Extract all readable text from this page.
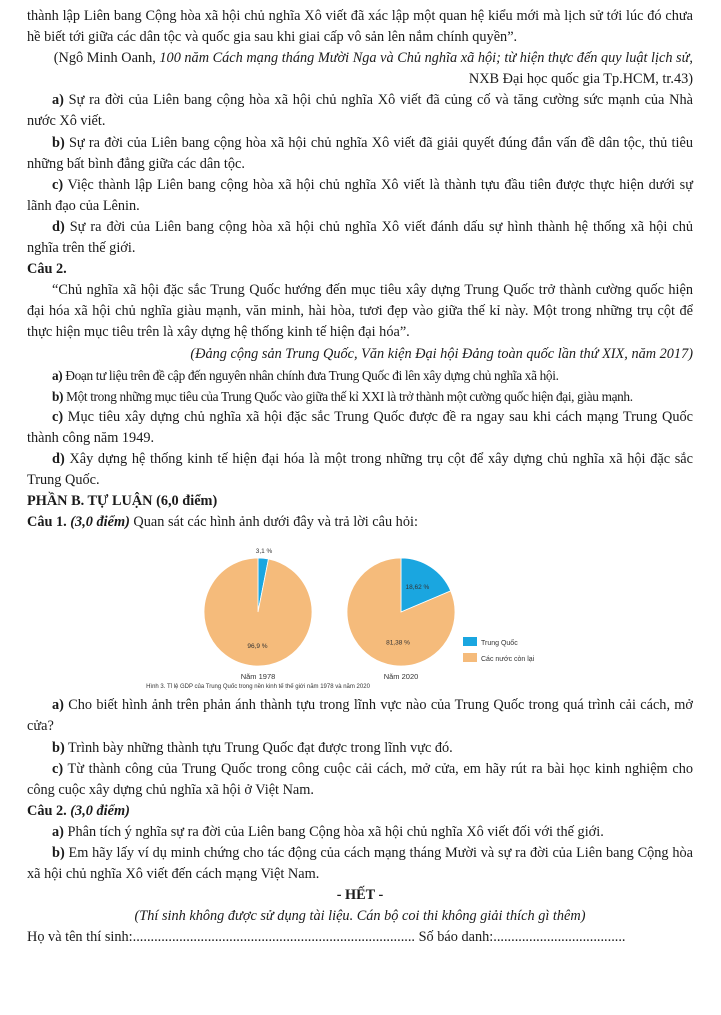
thành lập Liên bang Cộng hòa xã hội chủ nghĩa Xô viết đã xác lập một quan hệ kiểu mới mà lịch sử tới lúc đó chưa hề biết tới giữa các dân tộc và quốc gia sau khi giai cấp vô sản lên nắm chính quyền”.

(Ngô Minh Oanh, 100 năm Cách mạng tháng Mười Nga và Chủ nghĩa xã hội; từ hiện thực đến quy luật lịch sử, NXB Đại học quốc gia Tp.HCM, tr.43)

a) Sự ra đời của Liên bang cộng hòa xã hội chủ nghĩa Xô viết đã củng cố và tăng cường sức mạnh của Nhà nước Xô viết.

b) Sự ra đời của Liên bang cộng hòa xã hội chủ nghĩa Xô viết đã giải quyết đúng đắn vấn đề dân tộc, thủ tiêu những bất bình đẳng giữa các dân tộc.

c) Việc thành lập Liên bang cộng hòa xã hội chủ nghĩa Xô viết là thành tựu đầu tiên được thực hiện dưới sự lãnh đạo của Lênin.

d) Sự ra đời của Liên bang cộng hòa xã hội chủ nghĩa Xô viết đánh dấu sự hình thành hệ thống xã hội chủ nghĩa trên thế giới.

Câu 2.

“Chủ nghĩa xã hội đặc sắc Trung Quốc hướng đến mục tiêu xây dựng Trung Quốc trở thành cường quốc hiện đại hóa xã hội chủ nghĩa giàu mạnh, văn minh, hài hòa, tươi đẹp vào giữa thế kỉ này. Một trong những trụ cột để thực hiện mục tiêu trên là xây dựng hệ thống kinh tế hiện đại hóa”.

(Đảng cộng sản Trung Quốc, Văn kiện Đại hội Đảng toàn quốc lần thứ XIX, năm 2017)

a) Đoạn tư liệu trên đề cập đến nguyên nhân chính đưa Trung Quốc đi lên xây dựng chủ nghĩa xã hội.

b) Một trong những mục tiêu của Trung Quốc vào giữa thế kỉ XXI là trở thành một cường quốc hiện đại, giàu mạnh.

c) Mục tiêu xây dựng chủ nghĩa xã hội đặc sắc Trung Quốc được đề ra ngay sau khi cách mạng Trung Quốc thành công năm 1949.

d) Xây dựng hệ thống kinh tế hiện đại hóa là một trong những trụ cột để xây dựng chủ nghĩa xã hội đặc sắc Trung Quốc.

PHẦN B. TỰ LUẬN (6,0 điểm)

Câu 1. (3,0 điểm) Quan sát các hình ảnh dưới đây và trả lời câu hỏi:

3,1 %
96,9 %
Năm 1978
18,62 %
81,38 %
Năm 2020
Trung Quốc
Các nước còn lại
Hình 3. Tỉ lệ GDP của Trung Quốc trong nền kinh tế thế giới năm 1978 và năm 2020

a) Cho biết hình ảnh trên phản ánh thành tựu trong lĩnh vực nào của Trung Quốc trong quá trình cải cách, mở cửa?

b) Trình bày những thành tựu Trung Quốc đạt được trong lĩnh vực đó.

c) Từ thành công của Trung Quốc trong công cuộc cải cách, mở cửa, em hãy rút ra bài học kinh nghiệm cho công cuộc xây dựng chủ nghĩa xã hội ở Việt Nam.

Câu 2. (3,0 điểm)

a) Phân tích ý nghĩa sự ra đời của Liên bang Cộng hòa xã hội chủ nghĩa Xô viết đối với thế giới.

b) Em hãy lấy ví dụ minh chứng cho tác động của cách mạng tháng Mười và sự ra đời của Liên bang Cộng hòa xã hội chủ nghĩa Xô viết đến cách mạng Việt Nam.

- HẾT -

(Thí sinh không được sử dụng tài liệu. Cán bộ coi thi không giải thích gì thêm)

Họ và tên thí sinh:............................................................................... Số báo danh:.....................................
